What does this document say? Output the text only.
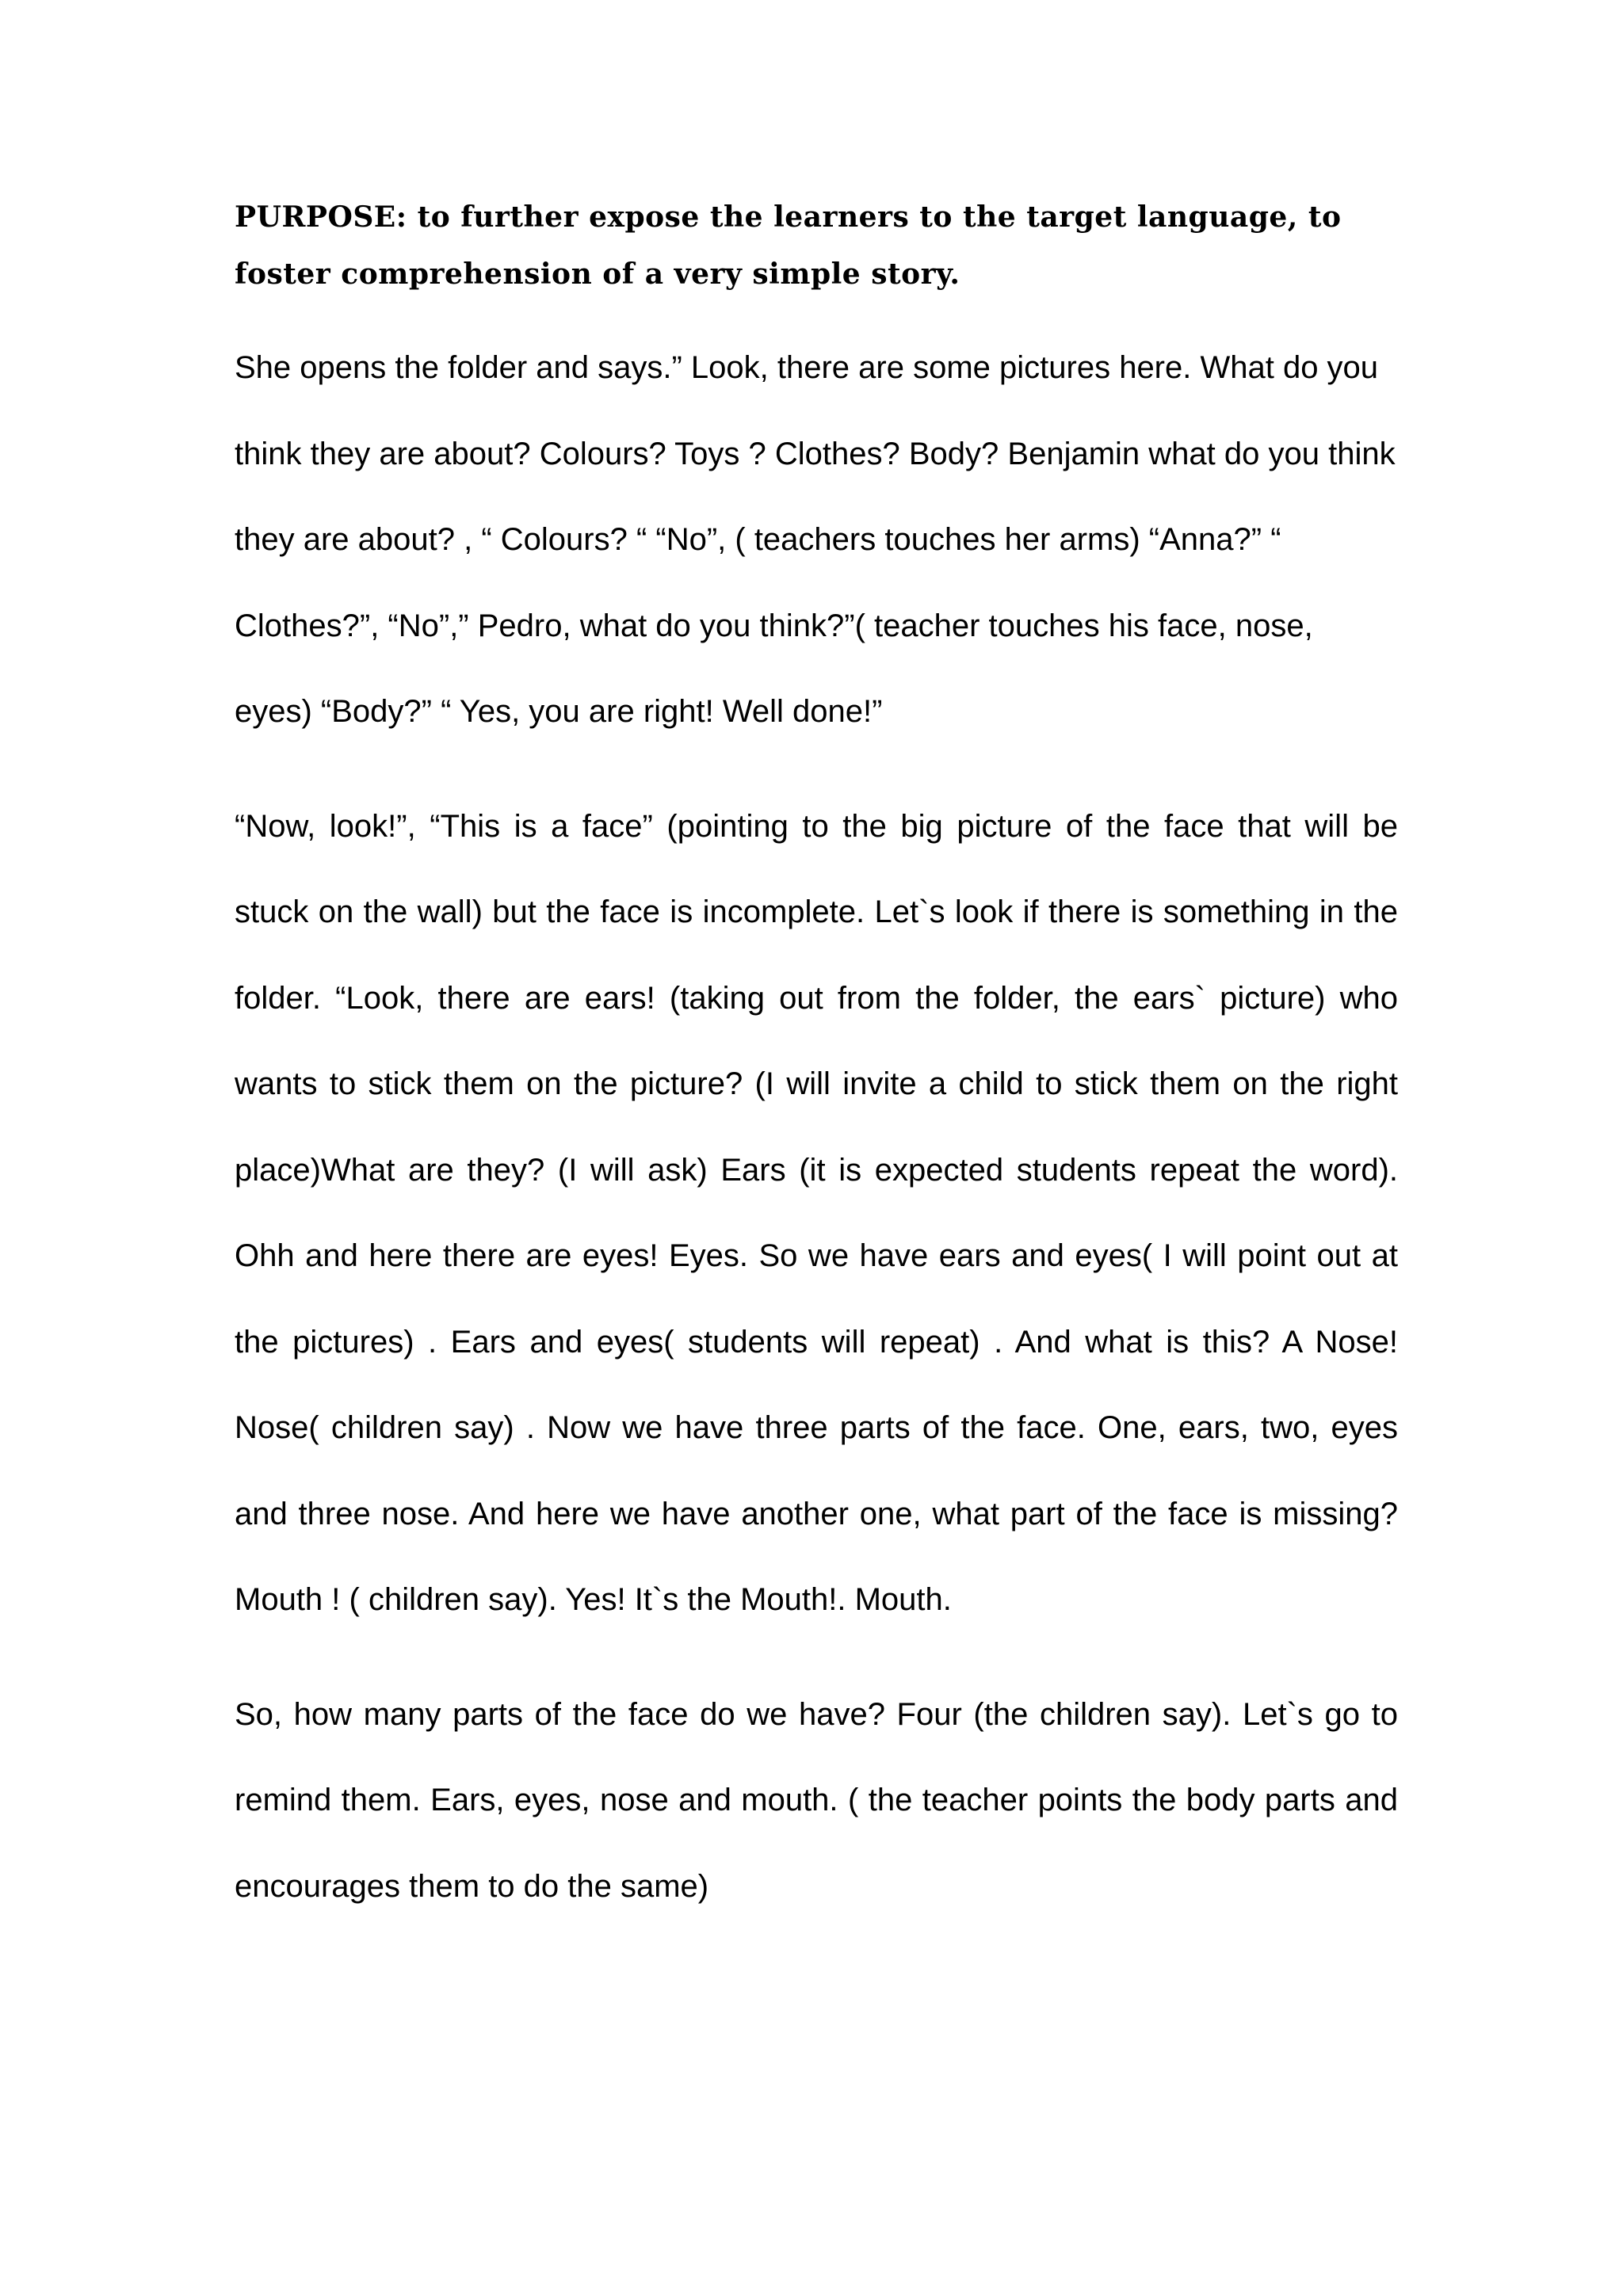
PURPOSE: to further expose the learners to the target language, to foster comprehension of a very simple story.

She opens the folder and says.” Look, there are some pictures here. What do you think they are about? Colours? Toys ? Clothes? Body? Benjamin what do you think they are about? , “ Colours? “ “No”, ( teachers touches her arms) “Anna?” “ Clothes?”, “No”,” Pedro, what do you think?”( teacher touches his face, nose, eyes) “Body?” “ Yes, you are right! Well done!”

“Now, look!”, “This is a face” (pointing to the big picture of the face that will be stuck on the wall) but the face is incomplete. Let`s look if there is something in the folder. “Look, there are ears! (taking out from the folder, the ears` picture) who wants to stick them on the picture? (I will invite a child to stick them on the right place)What are they? (I will ask) Ears (it is expected students repeat the word). Ohh and here there are eyes! Eyes. So we have ears and eyes( I will point out at the pictures) . Ears and eyes( students will repeat) . And what is this? A Nose! Nose( children say) . Now we have three parts of the face. One, ears, two, eyes and three nose. And here we have another one, what part of the face is missing? Mouth ! ( children say). Yes! It`s the Mouth!. Mouth.

So, how many parts of the face do we have? Four (the children say). Let`s go to remind them. Ears, eyes, nose and mouth. ( the teacher points the body parts and encourages them to do the same)
